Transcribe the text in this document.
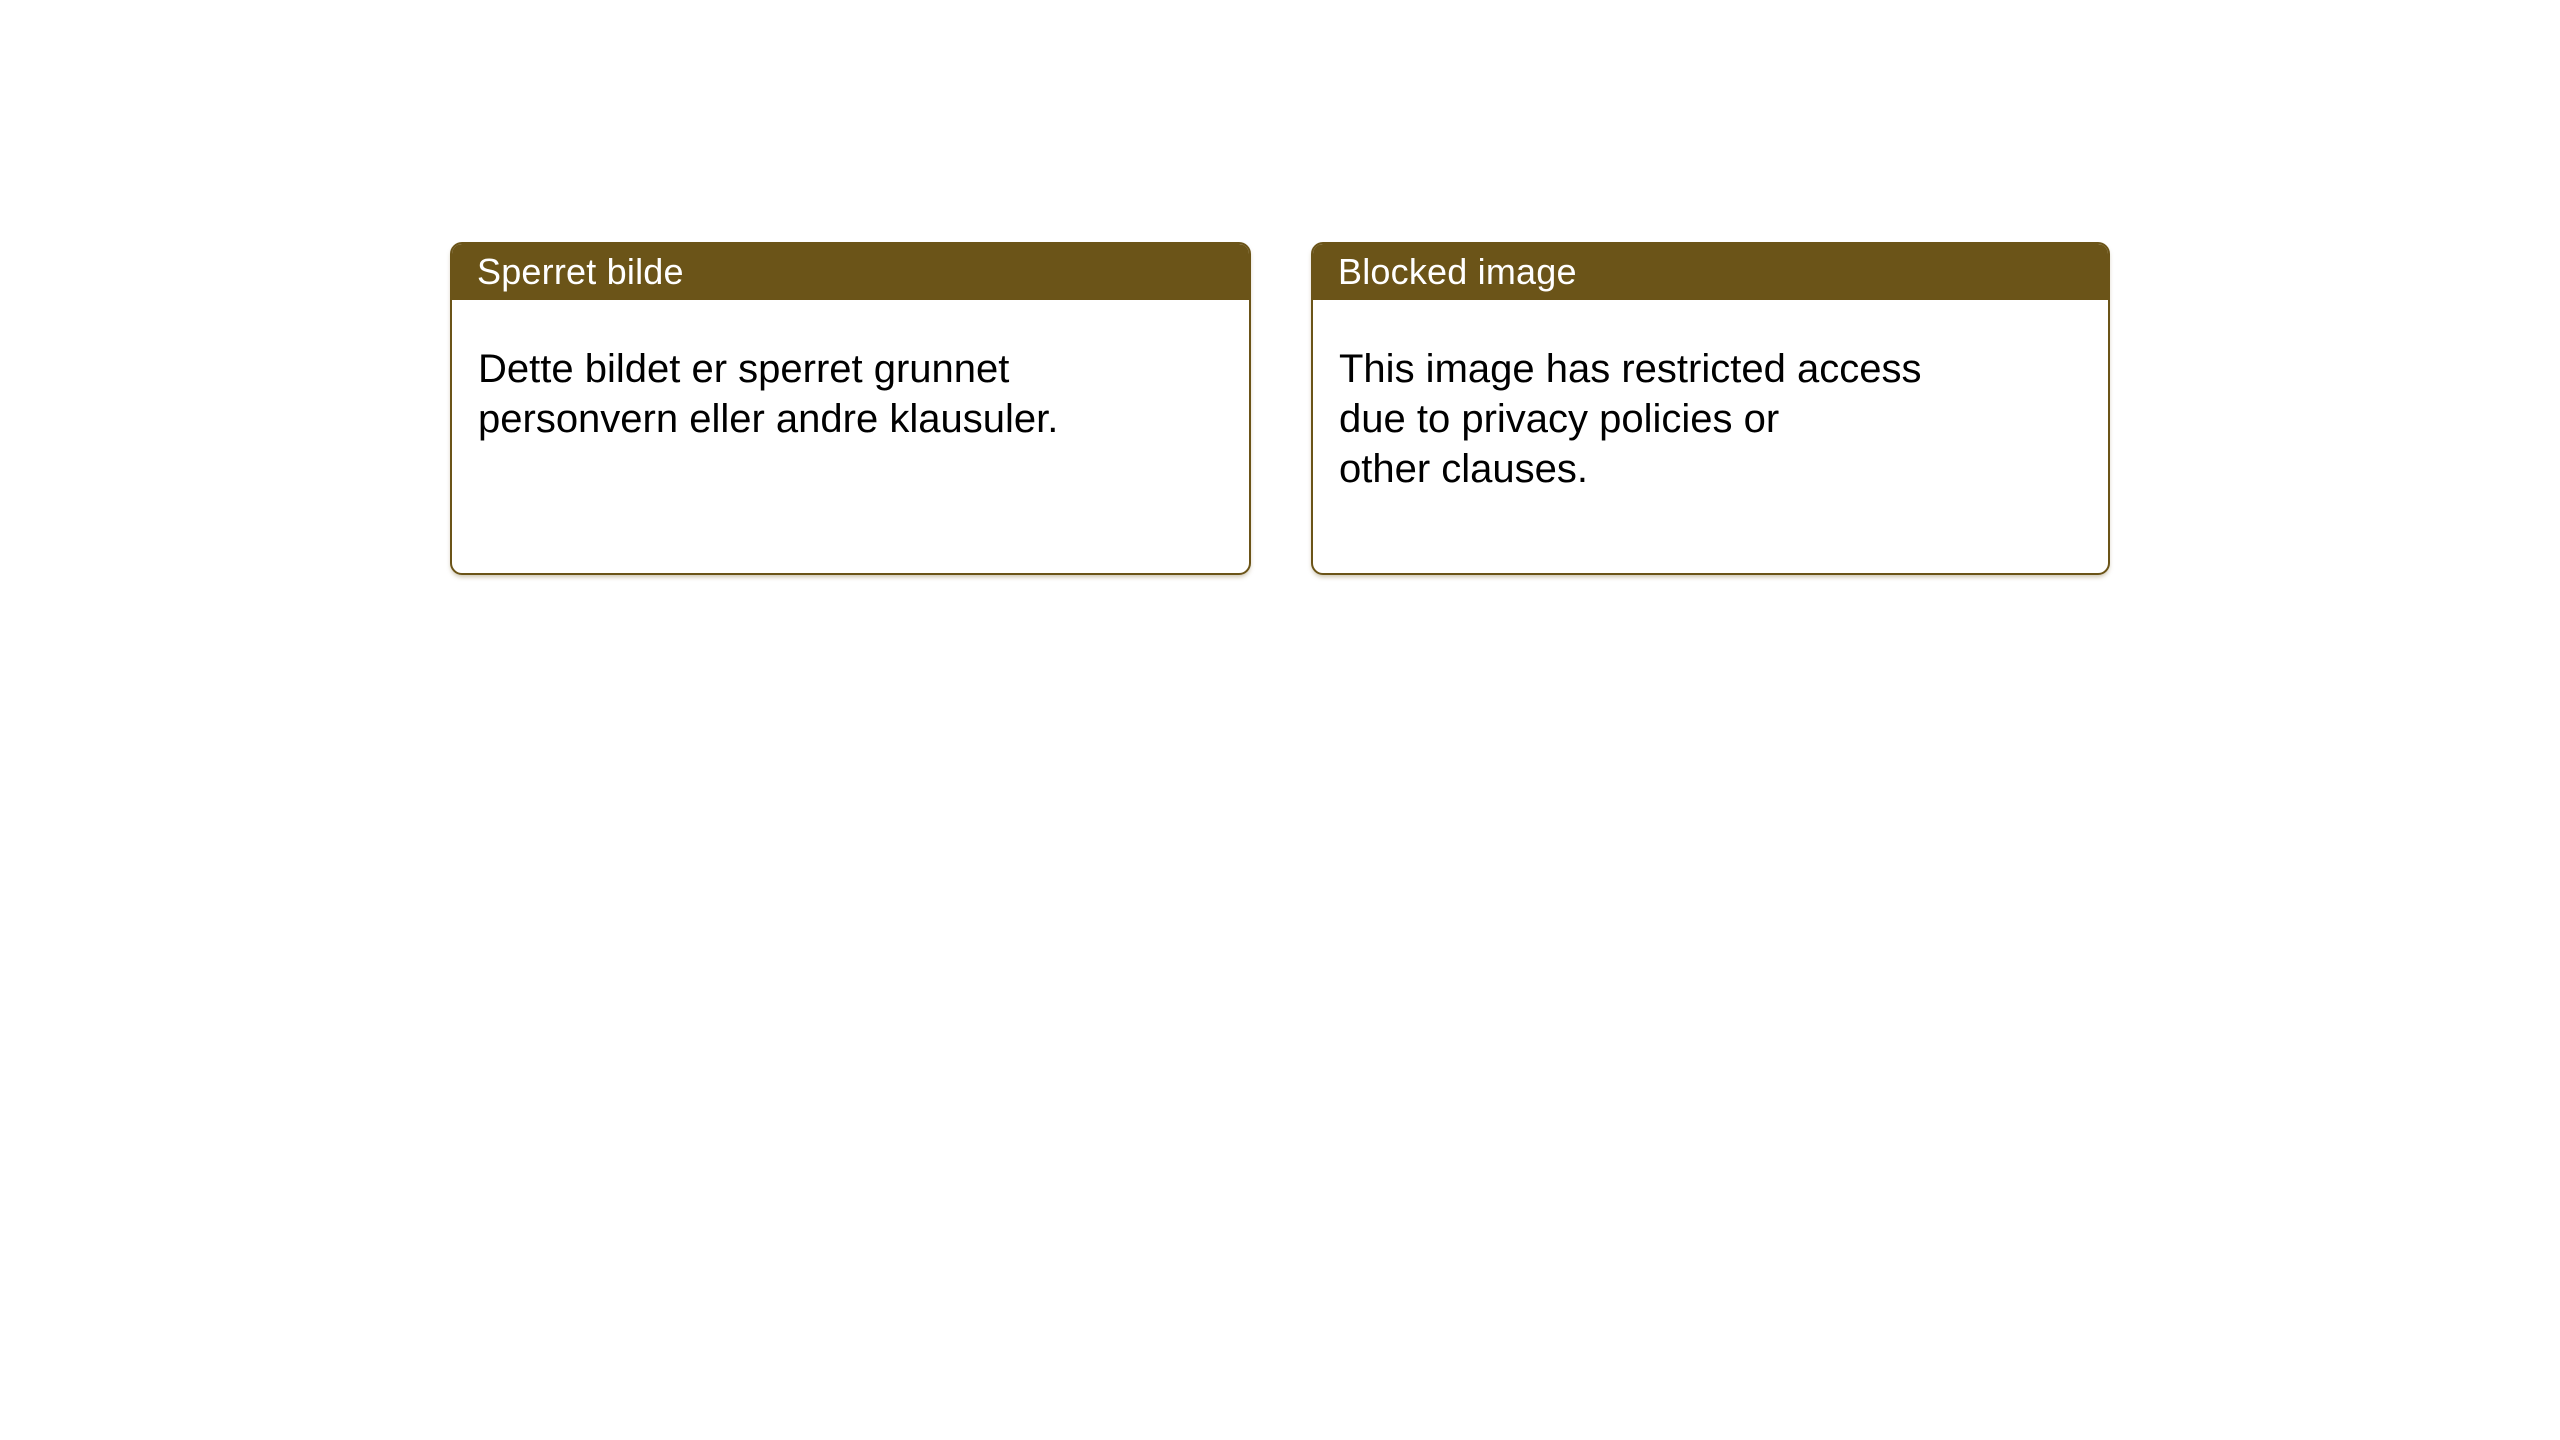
Sperret bilde

Dette bildet er sperret grunnet

personvern eller andre klausuler.

Blocked image

This image has restricted access

due to privacy policies or

other clauses.
